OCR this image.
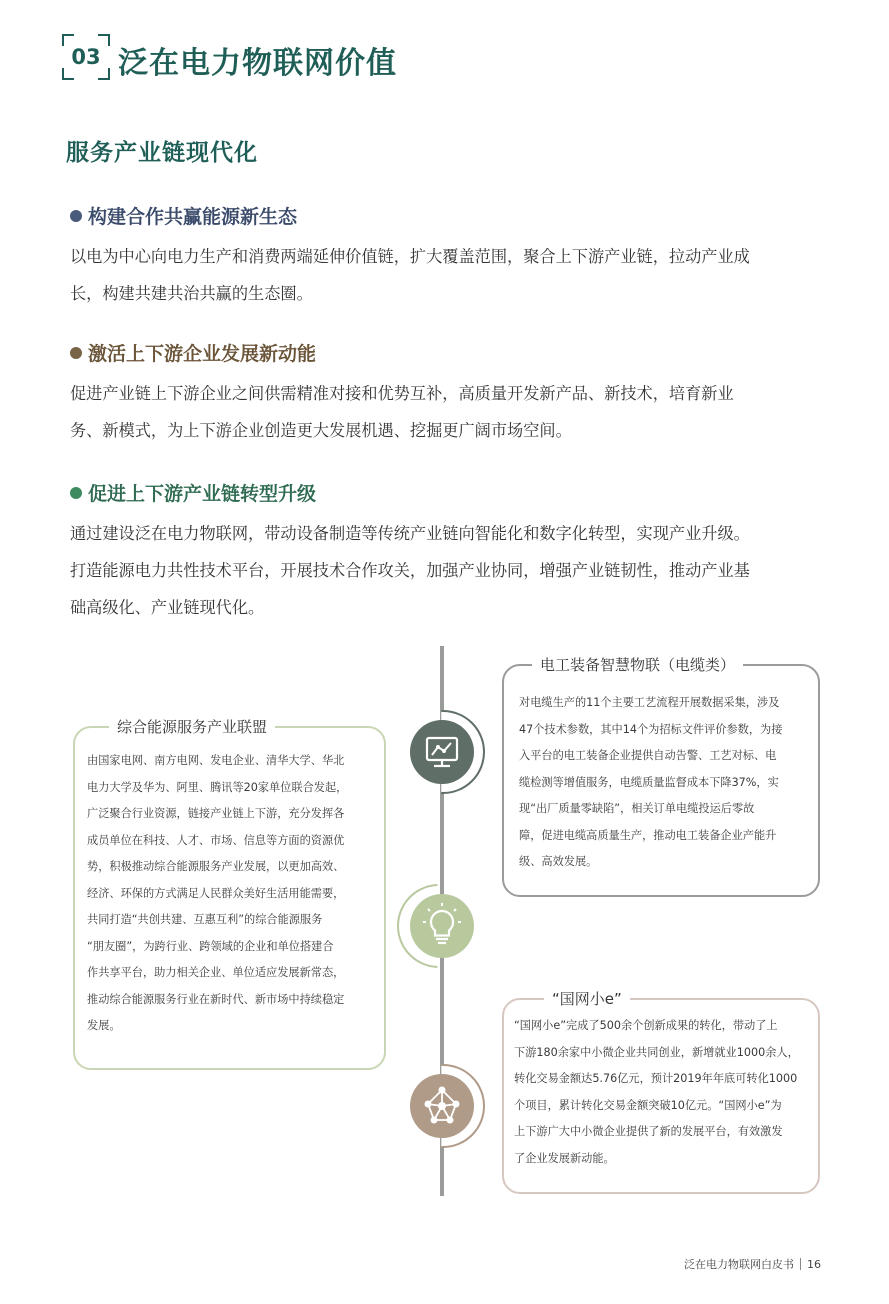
03 泛在电力物联网价值
服务产业链现代化
构建合作共赢能源新生态
以电为中心向电力生产和消费两端延伸价值链，扩大覆盖范围，聚合上下游产业链，拉动产业成
长，构建共建共治共赢的生态圈。
激活上下游企业发展新动能
促进产业链上下游企业之间供需精准对接和优势互补，高质量开发新产品、新技术，培育新业
务、新模式，为上下游企业创造更大发展机遇、挖掘更广阔市场空间。
促进上下游产业链转型升级
通过建设泛在电力物联网，带动设备制造等传统产业链向智能化和数字化转型，实现产业升级。
打造能源电力共性技术平台，开展技术合作攻关，加强产业协同，增强产业链韧性，推动产业基
础高级化、产业链现代化。
电工装备智慧物联（电缆类）
对电缆生产的11个主要工艺流程开展数据采集，涉及
47个技术参数，其中14个为招标文件评价参数，为接
入平台的电工装备企业提供自动告警、工艺对标、电
缆检测等增值服务，电缆质量监督成本下降37%，实
现“出厂质量零缺陷”，相关订单电缆投运后零故
障，促进电缆高质量生产，推动电工装备企业产能升
级、高效发展。
综合能源服务产业联盟
由国家电网、南方电网、发电企业、清华大学、华北
电力大学及华为、阿里、腾讯等20家单位联合发起，
广泛聚合行业资源，链接产业链上下游，充分发挥各
成员单位在科技、人才、市场、信息等方面的资源优
势，积极推动综合能源服务产业发展，以更加高效、
经济、环保的方式满足人民群众美好生活用能需要，
共同打造“共创共建、互惠互利”的综合能源服务
“朋友圈”，为跨行业、跨领域的企业和单位搭建合
作共享平台，助力相关企业、单位适应发展新常态，
推动综合能源服务行业在新时代、新市场中持续稳定
发展。
“国网小e”
“国网小e”完成了500余个创新成果的转化，带动了上
下游180余家中小微企业共同创业，新增就业1000余人，
转化交易金额达5.76亿元，预计2019年年底可转化1000
个项目，累计转化交易金额突破10亿元。“国网小e”为
上下游广大中小微企业提供了新的发展平台，有效激发
了企业发展新动能。
泛在电力物联网白皮书 16
